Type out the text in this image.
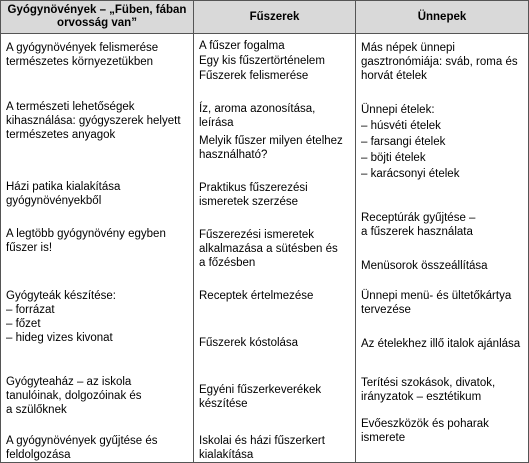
Gyógynövények – „Füben, fában orvosság van”
Fűszerek	Ünnepek
A gyógynövények felismerése
természetes környezetükben
A természeti lehetőségek
kihasználása: gyógyszerek helyett
természetes anyagok
Házi patika kialakítása
gyógynövényekből
A legtöbb gyógynövény egyben
fűszer is!
Gyógyteák készítése:
– forrázat
– főzet
– hideg vizes kivonat
Gyógyteaház – az iskola
tanulóinak, dolgozóinak és
a szülőknek
A gyógynövények gyűjtése és
feldolgozása
A fűszer fogalma
Egy kis fűszertörténelem
Fűszerek felismerése
Íz, aroma azonosítása,
leírása
Melyik fűszer milyen ételhez
használható?
Praktikus fűszerezési
ismeretek szerzése
Fűszerezési ismeretek
alkalmazása a sütésben és
a főzésben
Receptek értelmezése
Fűszerek kóstolása
Egyéni fűszerkeverékek
készítése
Iskolai és házi fűszerkert
kialakítása
Más népek ünnepi
gasztronómiája: sváb, roma és
horvát ételek
Ünnepi ételek:
– húsvéti ételek
– farsangi ételek
– böjti ételek
– karácsonyi ételek
Receptúrák gyűjtése –
a fűszerek használata
Menüsorok összeállítása
Ünnepi menü- és ültetőkártya
tervezése
Az ételekhez illő italok ajánlása
Terítési szokások, divatok,
irányzatok – esztétikum
Evőeszközök és poharak
ismerete
